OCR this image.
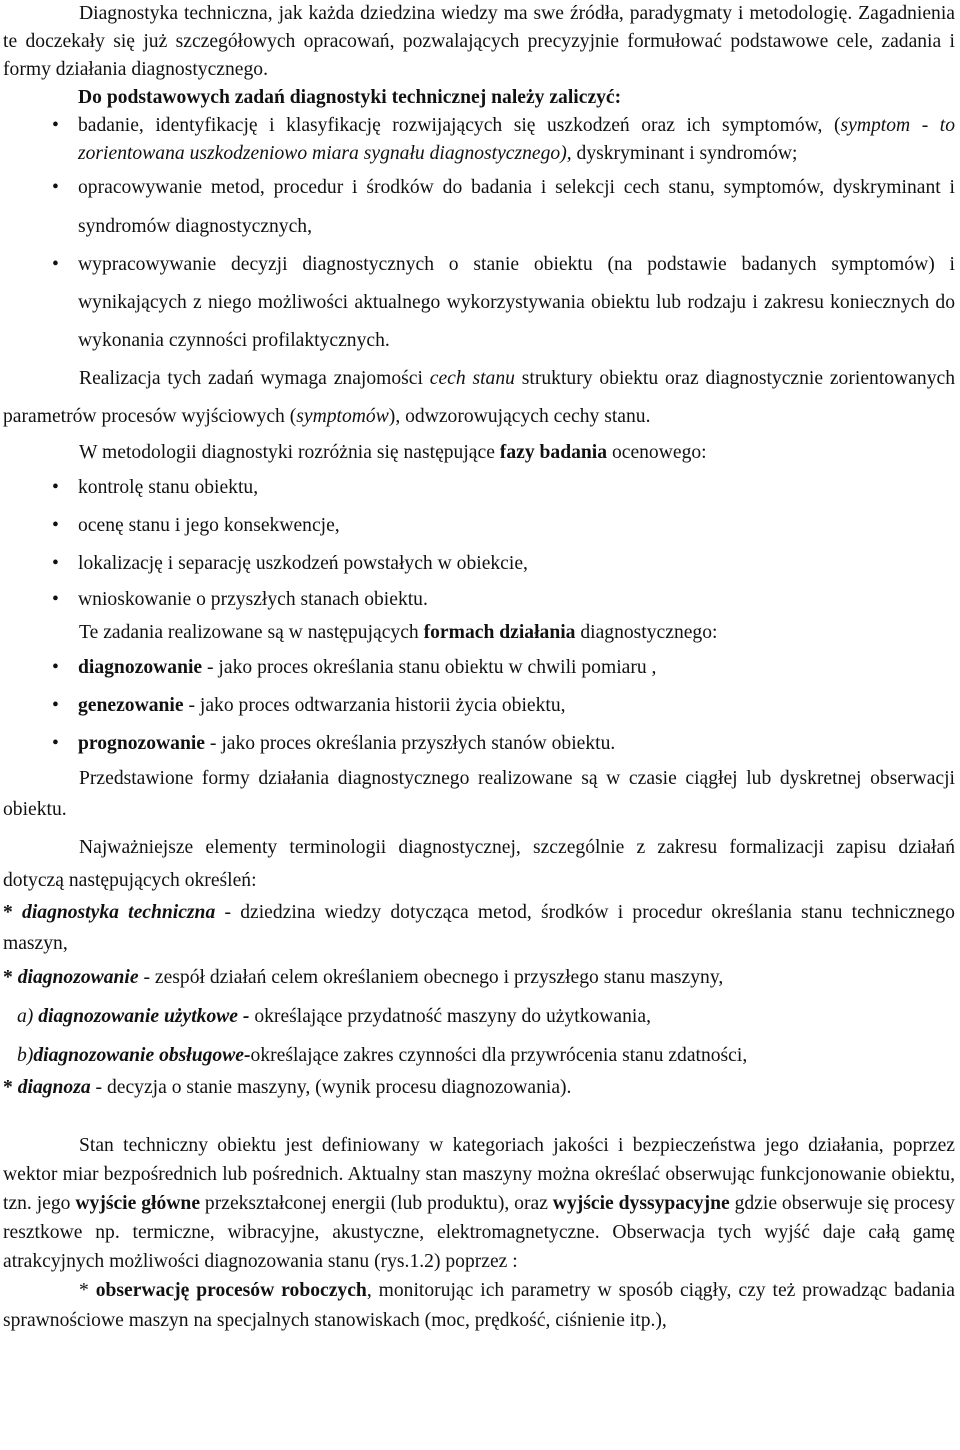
Diagnostyka techniczna, jak każda dziedzina wiedzy ma swe źródła, paradygmaty i metodologię. Zagadnienia te doczekały się już szczegółowych opracowań, pozwalających precyzyjnie formułować podstawowe cele, zadania i formy działania diagnostycznego.

Do podstawowych zadań diagnostyki technicznej należy zaliczyć:

• badanie, identyfikację i klasyfikację rozwijających się uszkodzeń oraz ich symptomów, (symptom - to zorientowana uszkodzeniowo miara sygnału diagnostycznego), dyskryminant i syndromów;
• opracowywanie metod, procedur i środków do badania i selekcji cech stanu, symptomów, dyskryminant i syndromów diagnostycznych,
• wypracowywanie decyzji diagnostycznych o stanie obiektu (na podstawie badanych symptomów) i wynikających z niego możliwości aktualnego wykorzystywania obiektu lub rodzaju i zakresu koniecznych do wykonania czynności profilaktycznych.

Realizacja tych zadań wymaga znajomości cech stanu struktury obiektu oraz diagnostycznie zorientowanych parametrów procesów wyjściowych (symptomów), odwzorowujących cechy stanu.

W metodologii diagnostyki rozróżnia się następujące fazy badania ocenowego:

• kontrolę stanu obiektu,
• ocenę stanu i jego konsekwencje,
• lokalizację i separację uszkodzeń powstałych w obiekcie,
• wnioskowanie o przyszłych stanach obiektu.

Te zadania realizowane są w następujących formach działania diagnostycznego:

• diagnozowanie - jako proces określania stanu obiektu w chwili pomiaru ,
• genezowanie - jako proces odtwarzania historii życia obiektu,
• prognozowanie - jako proces określania przyszłych stanów obiektu.

Przedstawione formy działania diagnostycznego realizowane są w czasie ciągłej lub dyskretnej obserwacji obiektu.

Najważniejsze elementy terminologii diagnostycznej, szczególnie z zakresu formalizacji zapisu działań dotyczą następujących określeń:

* diagnostyka techniczna - dziedzina wiedzy dotycząca metod, środków i procedur określania stanu technicznego maszyn,

* diagnozowanie - zespół działań celem określaniem obecnego i przyszłego stanu maszyny,

a) diagnozowanie użytkowe - określające przydatność maszyny do użytkowania,

b)diagnozowanie obsługowe-określające zakres czynności dla przywrócenia stanu zdatności,

* diagnoza - decyzja o stanie maszyny, (wynik procesu diagnozowania).

Stan techniczny obiektu jest definiowany w kategoriach jakości i bezpieczeństwa jego działania, poprzez wektor miar bezpośrednich lub pośrednich. Aktualny stan maszyny można określać obserwując funkcjonowanie obiektu, tzn. jego wyjście główne przekształconej energii (lub produktu), oraz wyjście dyssypacyjne gdzie obserwuje się procesy resztkowe np. termiczne, wibracyjne, akustyczne, elektromagnetyczne. Obserwacja tych wyjść daje całą gamę atrakcyjnych możliwości diagnozowania stanu (rys.1.2) poprzez :

* obserwację procesów roboczych, monitorując ich parametry w sposób ciągły, czy też prowadząc badania sprawnościowe maszyn na specjalnych stanowiskach (moc, prędkość, ciśnienie itp.),
